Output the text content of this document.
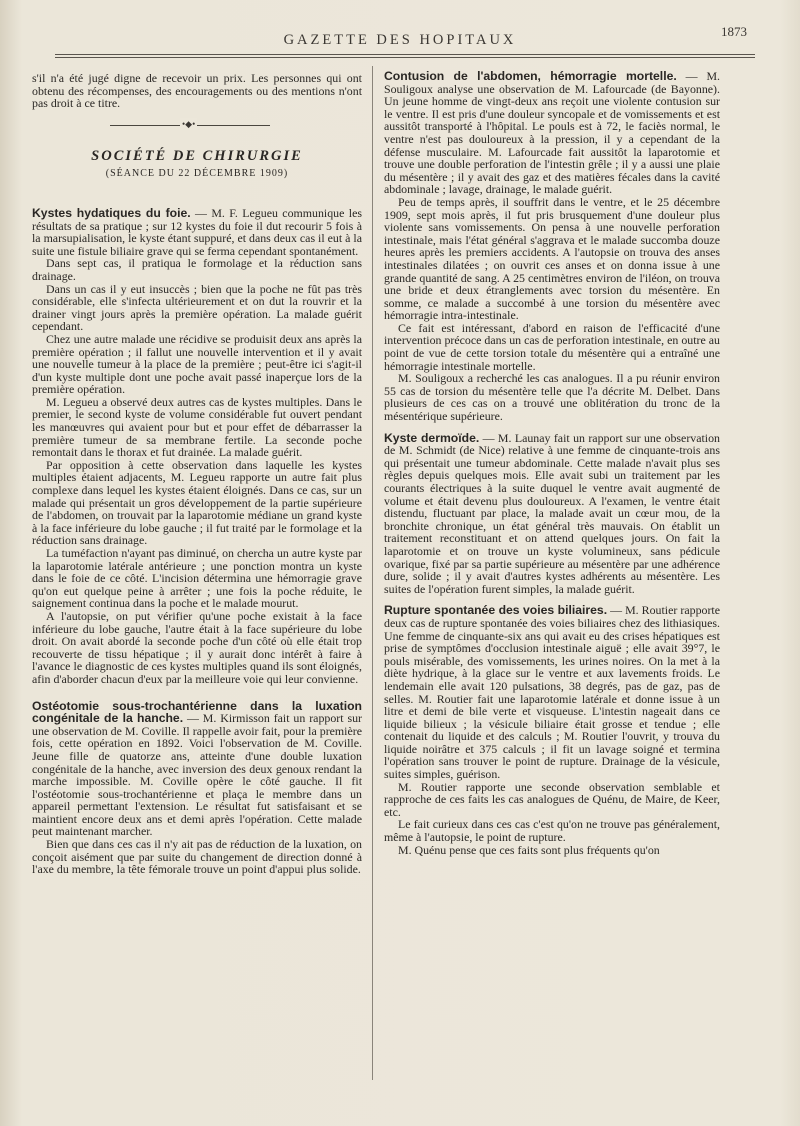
GAZETTE DES HOPITAUX
1873

s'il n'a été jugé digne de recevoir un prix. Les personnes qui ont obtenu des récompenses, des encouragements ou des mentions n'ont pas droit à ce titre.

•◆•
SOCIÉTÉ DE CHIRURGIE
(SÉANCE DU 22 DÉCEMBRE 1909)

Kystes hydatiques du foie. — M. F. Legueu communique les résultats de sa pratique ; sur 12 kystes du foie il dut recourir 5 fois à la marsupialisation, le kyste étant suppuré, et dans deux cas il eut à la suite une fistule biliaire grave qui se ferma cependant spontanément.

Dans sept cas, il pratiqua le formolage et la réduction sans drainage.

Dans un cas il y eut insuccès ; bien que la poche ne fût pas très considérable, elle s'infecta ultérieurement et on dut la rouvrir et la drainer vingt jours après la première opération. La malade guérit cependant.

Chez une autre malade une récidive se produisit deux ans après la première opération ; il fallut une nouvelle intervention et il y avait une nouvelle tumeur à la place de la première ; peut-être ici s'agit-il d'un kyste multiple dont une poche avait passé inaperçue lors de la première opération.

M. Legueu a observé deux autres cas de kystes multiples. Dans le premier, le second kyste de volume considérable fut ouvert pendant les manœuvres qui avaient pour but et pour effet de débarrasser la première tumeur de sa membrane fertile. La seconde poche remontait dans le thorax et fut drainée. La malade guérit.

Par opposition à cette observation dans laquelle les kystes multiples étaient adjacents, M. Legueu rapporte un autre fait plus complexe dans lequel les kystes étaient éloignés. Dans ce cas, sur un malade qui présentait un gros développement de la partie supérieure de l'abdomen, on trouvait par la laparotomie médiane un grand kyste à la face inférieure du lobe gauche ; il fut traité par le formolage et la réduction sans drainage.

La tuméfaction n'ayant pas diminué, on chercha un autre kyste par la laparotomie latérale antérieure ; une ponction montra un kyste dans le foie de ce côté. L'incision détermina une hémorragie grave qu'on eut quelque peine à arrêter ; une fois la poche réduite, le saignement continua dans la poche et le malade mourut.

A l'autopsie, on put vérifier qu'une poche existait à la face inférieure du lobe gauche, l'autre était à la face supérieure du lobe droit. On avait abordé la seconde poche d'un côté où elle était trop recouverte de tissu hépatique ; il y aurait donc intérêt à faire à l'avance le diagnostic de ces kystes multiples quand ils sont éloignés, afin d'aborder chacun d'eux par la meilleure voie qui leur convienne.

Ostéotomie sous-trochantérienne dans la luxation congénitale de la hanche. — M. Kirmisson fait un rapport sur une observation de M. Coville. Il rappelle avoir fait, pour la première fois, cette opération en 1892. Voici l'observation de M. Coville. Jeune fille de quatorze ans, atteinte d'une double luxation congénitale de la hanche, avec inversion des deux genoux rendant la marche impossible. M. Coville opère le côté gauche. Il fit l'ostéotomie sous-trochantérienne et plaça le membre dans un appareil permettant l'extension. Le résultat fut satisfaisant et se maintient encore deux ans et demi après l'opération. Cette malade peut maintenant marcher.

Bien que dans ces cas il n'y ait pas de réduction de la luxation, on conçoit aisément que par suite du changement de direction donné à l'axe du membre, la tête fémorale trouve un point d'appui plus solide.

Contusion de l'abdomen, hémorragie mortelle. — M. Souligoux analyse une observation de M. Lafourcade (de Bayonne). Un jeune homme de vingt-deux ans reçoit une violente contusion sur le ventre. Il est pris d'une douleur syncopale et de vomissements et est aussitôt transporté à l'hôpital. Le pouls est à 72, le faciès normal, le ventre n'est pas douloureux à la pression, il y a cependant de la défense musculaire. M. Lafourcade fait aussitôt la laparotomie et trouve une double perforation de l'intestin grêle ; il y a aussi une plaie du mésentère ; il y avait des gaz et des matières fécales dans la cavité abdominale ; lavage, drainage, le malade guérit.

Peu de temps après, il souffrit dans le ventre, et le 25 décembre 1909, sept mois après, il fut pris brusquement d'une douleur plus violente sans vomissements. On pensa à une nouvelle perforation intestinale, mais l'état général s'aggrava et le malade succomba douze heures après les premiers accidents. A l'autopsie on trouva des anses intestinales dilatées ; on ouvrit ces anses et on donna issue à une grande quantité de sang. A 25 centimètres environ de l'iléon, on trouva une bride et deux étranglements avec torsion du mésentère. En somme, ce malade a succombé à une torsion du mésentère avec hémorragie intra-intestinale.

Ce fait est intéressant, d'abord en raison de l'efficacité d'une intervention précoce dans un cas de perforation intestinale, en outre au point de vue de cette torsion totale du mésentère qui a entraîné une hémorragie intestinale mortelle.

M. Souligoux a recherché les cas analogues. Il a pu réunir environ 55 cas de torsion du mésentère telle que l'a décrite M. Delbet. Dans plusieurs de ces cas on a trouvé une oblitération du tronc de la mésentérique supérieure.

Kyste dermoïde. — M. Launay fait un rapport sur une observation de M. Schmidt (de Nice) relative à une femme de cinquante-trois ans qui présentait une tumeur abdominale. Cette malade n'avait plus ses règles depuis quelques mois. Elle avait subi un traitement par les courants électriques à la suite duquel le ventre avait augmenté de volume et était devenu plus douloureux. A l'examen, le ventre était distendu, fluctuant par place, la malade avait un cœur mou, de la bronchite chronique, un état général très mauvais. On établit un traitement reconstituant et on attend quelques jours. On fait la laparotomie et on trouve un kyste volumineux, sans pédicule ovarique, fixé par sa partie supérieure au mésentère par une adhérence dure, solide ; il y avait d'autres kystes adhérents au mésentère. Les suites de l'opération furent simples, la malade guérit.

Rupture spontanée des voies biliaires. — M. Routier rapporte deux cas de rupture spontanée des voies biliaires chez des lithiasiques. Une femme de cinquante-six ans qui avait eu des crises hépatiques est prise de symptômes d'occlusion intestinale aiguë ; elle avait 39°7, le pouls misérable, des vomissements, les urines noires. On la met à la diète hydrique, à la glace sur le ventre et aux lavements froids. Le lendemain elle avait 120 pulsations, 38 degrés, pas de gaz, pas de selles. M. Routier fait une laparotomie latérale et donne issue à un litre et demi de bile verte et visqueuse. L'intestin nageait dans ce liquide bilieux ; la vésicule biliaire était grosse et tendue ; elle contenait du liquide et des calculs ; M. Routier l'ouvrit, y trouva du liquide noirâtre et 375 calculs ; il fit un lavage soigné et termina l'opération sans trouver le point de rupture. Drainage de la vésicule, suites simples, guérison.

M. Routier rapporte une seconde observation semblable et rapproche de ces faits les cas analogues de Quénu, de Maire, de Keer, etc.

Le fait curieux dans ces cas c'est qu'on ne trouve pas généralement, même à l'autopsie, le point de rupture.

M. Quénu pense que ces faits sont plus fréquents qu'on
